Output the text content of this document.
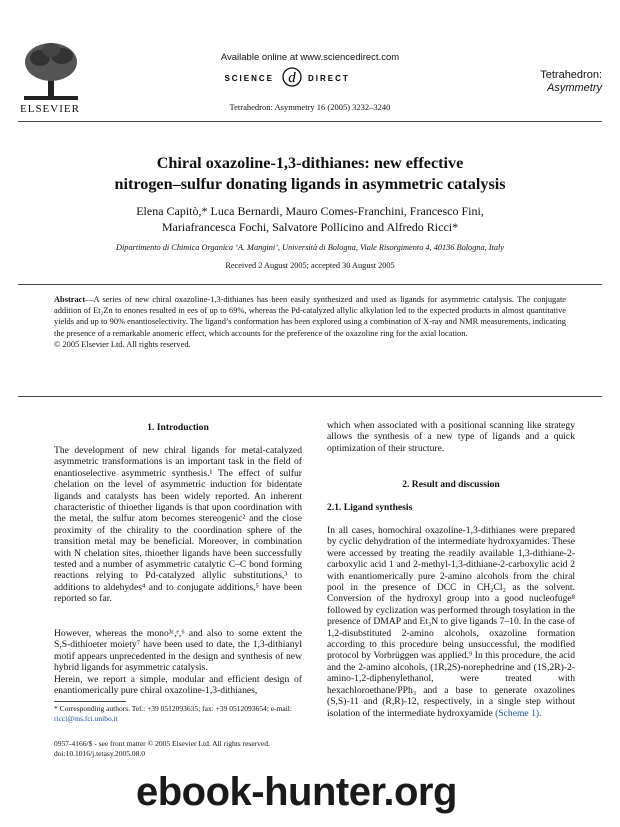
ELSEVIER
Available online at www.sciencedirect.com
SCIENCE d DIRECT
Tetrahedron: Asymmetry 16 (2005) 3232–3240
Tetrahedron:
Asymmetry
Chiral oxazoline-1,3-dithianes: new effective
nitrogen–sulfur donating ligands in asymmetric catalysis
Elena Capitò,* Luca Bernardi, Mauro Comes-Franchini, Francesco Fini,
Mariafrancesca Fochi, Salvatore Pollicino and Alfredo Ricci*
Dipartimento di Chimica Organica ‘A. Mangini’, Università di Bologna, Viale Risorgimento 4, 40136 Bologna, Italy
Received 2 August 2005; accepted 30 August 2005
Abstract—A series of new chiral oxazoline-1,3-dithianes has been easily synthesized and used as ligands for asymmetric catalysis. The conjugate addition of Et₂Zn to enones resulted in ees of up to 69%, whereas the Pd-catalyzed allylic alkylation led to the expected products in almost quantitative yields and up to 90% enantioselectivity. The ligand’s conformation has been explored using a combination of X-ray and NMR measurements, indicating the presence of a remarkable anomeric effect, which accounts for the preference of the oxazoline ring for the axial location.
© 2005 Elsevier Ltd. All rights reserved.
1. Introduction
The development of new chiral ligands for metal-catalyzed asymmetric transformations is an important task in the field of enantioselective asymmetric synthesis.¹ The effect of sulfur chelation on the level of asymmetric induction for bidentate ligands and catalysts has been widely reported. An inherent characteristic of thioether ligands is that upon coordination with the metal, the sulfur atom becomes stereogenic² and the close proximity of the chirality to the coordination sphere of the transition metal may be beneficial. Moreover, in combination with N chelation sites, thioether ligands have been successfully tested and a number of asymmetric catalytic C–C bond forming reactions relying to Pd-catalyzed allylic substitutions,³ to additions to aldehydes⁴ and to conjugate additions,⁵ have been reported so far.
However, whereas the mono³ᶜ,ᵉ,⁶ and also to some extent the S,S-dithioeter moiety⁷ have been used to date, the 1,3-dithianyl motif appears unprecedented in the design and synthesis of new hybrid ligands for asymmetric catalysis.
Herein, we report a simple, modular and efficient design of enantiomerically pure chiral oxazoline-1,3-dithianes,
which when associated with a positional scanning like strategy allows the synthesis of a new type of ligands and a quick optimization of their structure.
2. Result and discussion
2.1. Ligand synthesis
In all cases, homochiral oxazoline-1,3-dithianes were prepared by cyclic dehydration of the intermediate hydroxyamides. These were accessed by treating the readily available 1,3-dithiane-2-carboxylic acid 1 and 2-methyl-1,3-dithiane-2-carboxylic acid 2 with enantiomerically pure 2-amino alcohols from the chiral pool in the presence of DCC in CH₂Cl₂ as the solvent. Conversion of the hydroxyl group into a good nucleofuge⁸ followed by cyclization was performed through tosylation in the presence of DMAP and Et₃N to give ligands 7–10. In the case of 1,2-disubstituted 2-amino alcohols, oxazoline formation according to this procedure being unsuccessful, the modified protocol by Vorbrüggen was applied.⁹ In this procedure, the acid and the 2-amino alcohols, (1R,2S)-norephedrine and (1S,2R)-2-amino-1,2-diphenylethanol, were treated with hexachloroethane/PPh₃ and a base to generate oxazolines (S,S)-11 and (R,R)-12, respectively, in a single step without isolation of the intermediate hydroxyamide (Scheme 1).
* Corresponding authors. Tel.: +39 0512093635; fax: +39 0512093654; e-mail: ricci@ms.fci.unibo.it
0957-4166/$ - see front matter © 2005 Elsevier Ltd. All rights reserved.
doi:10.1016/j.tetasy.2005.08.0
ebook-hunter.org
